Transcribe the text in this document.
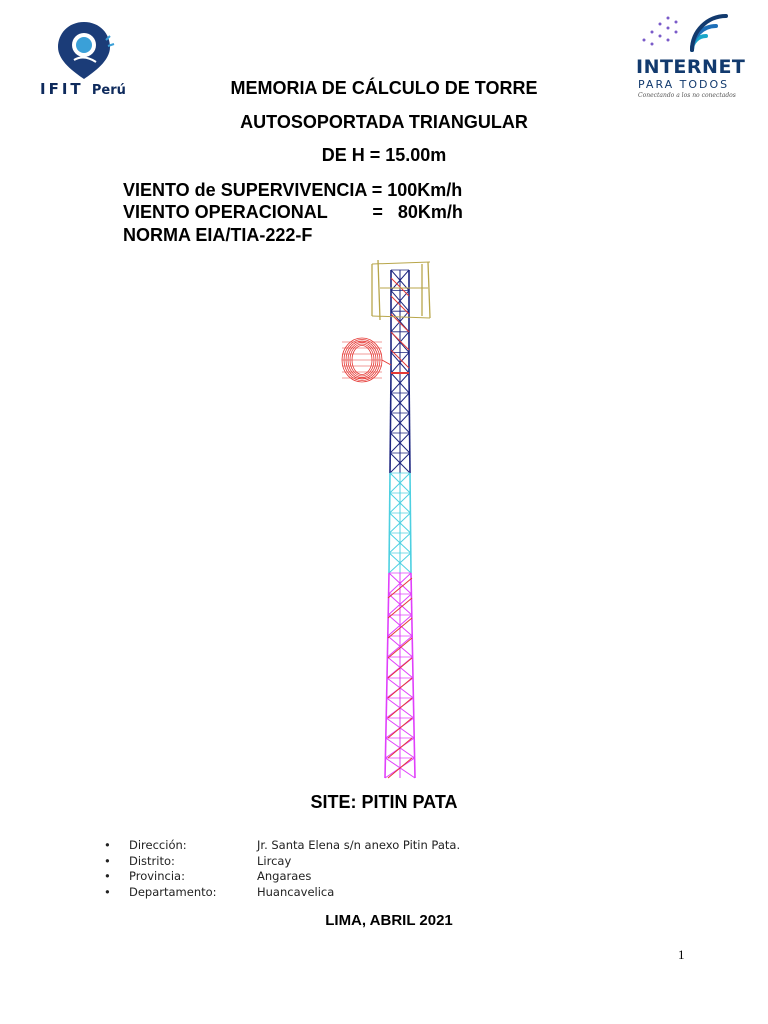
IFIT Perú
INTERNET
PARA TODOS
Conectando a los no conectados
MEMORIA DE CÁLCULO DE TORRE
AUTOSOPORTADA TRIANGULAR
DE H = 15.00m
VIENTO de SUPERVIVENCIA = 100Km/h
VIENTO OPERACIONAL         =   80Km/h
NORMA EIA/TIA-222-F
SITE: PITIN PATA
•	Dirección:	Jr. Santa Elena s/n anexo Pitin Pata.
•	Distrito:	Lircay
•	Provincia:	Angaraes
•	Departamento:	Huancavelica
LIMA, ABRIL 2021
1
